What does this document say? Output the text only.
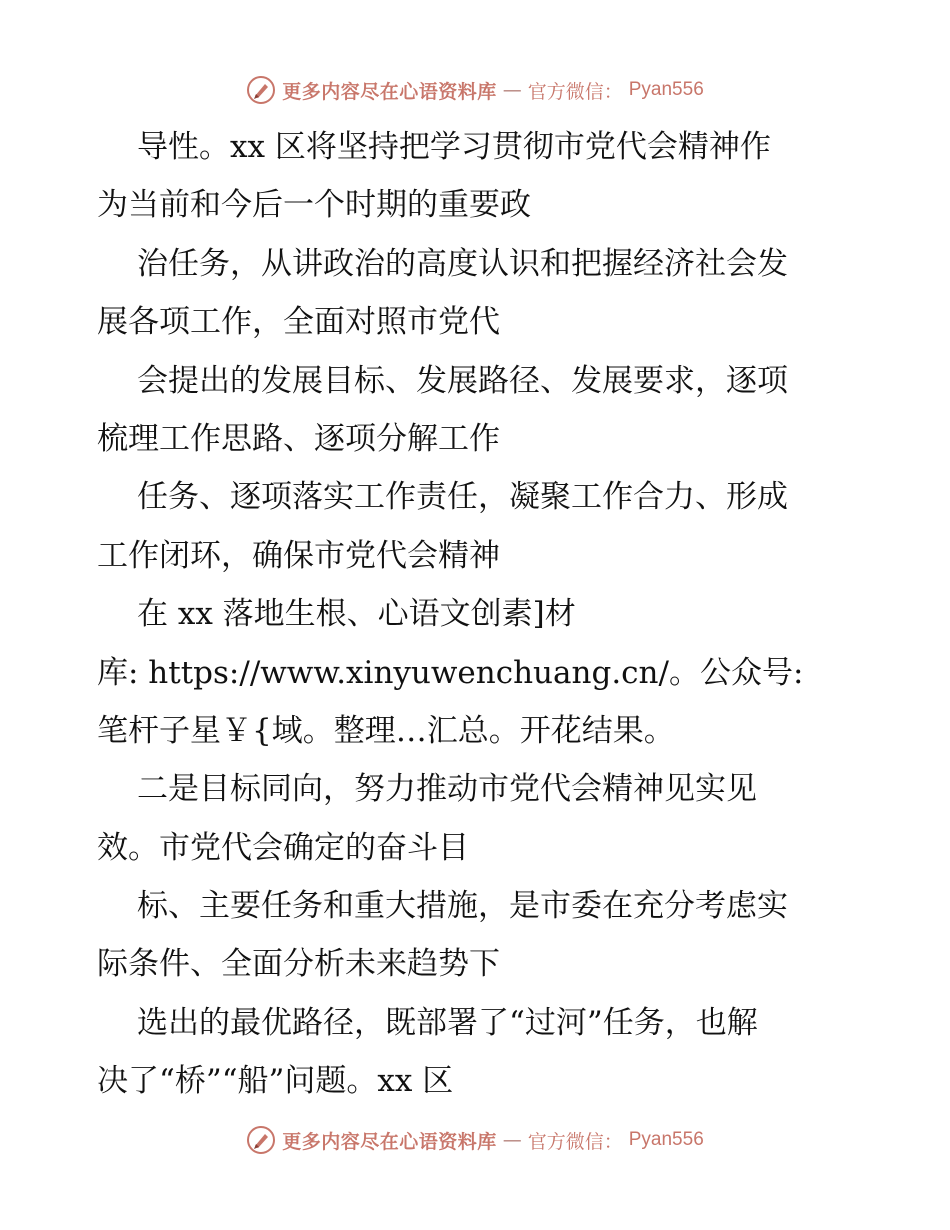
更多内容尽在心语资料库 — 官方微信： Pyan556
导性。xx 区将坚持把学习贯彻市党代会精神作
为当前和今后一个时期的重要政
治任务，从讲政治的高度认识和把握经济社会发
展各项工作，全面对照市党代
会提出的发展目标、发展路径、发展要求，逐项
梳理工作思路、逐项分解工作
任务、逐项落实工作责任，凝聚工作合力、形成
工作闭环，确保市党代会精神
在 xx 落地生根、心语文创素]材
库: https://www.xinyuwenchuang.cn/。公众号:
笔杆子星￥{域。整理…汇总。开花结果。
二是目标同向，努力推动市党代会精神见实见
效。市党代会确定的奋斗目
标、主要任务和重大措施，是市委在充分考虑实
际条件、全面分析未来趋势下
选出的最优路径，既部署了“过河”任务，也解
决了“桥”“船”问题。xx 区
更多内容尽在心语资料库 — 官方微信： Pyan556
